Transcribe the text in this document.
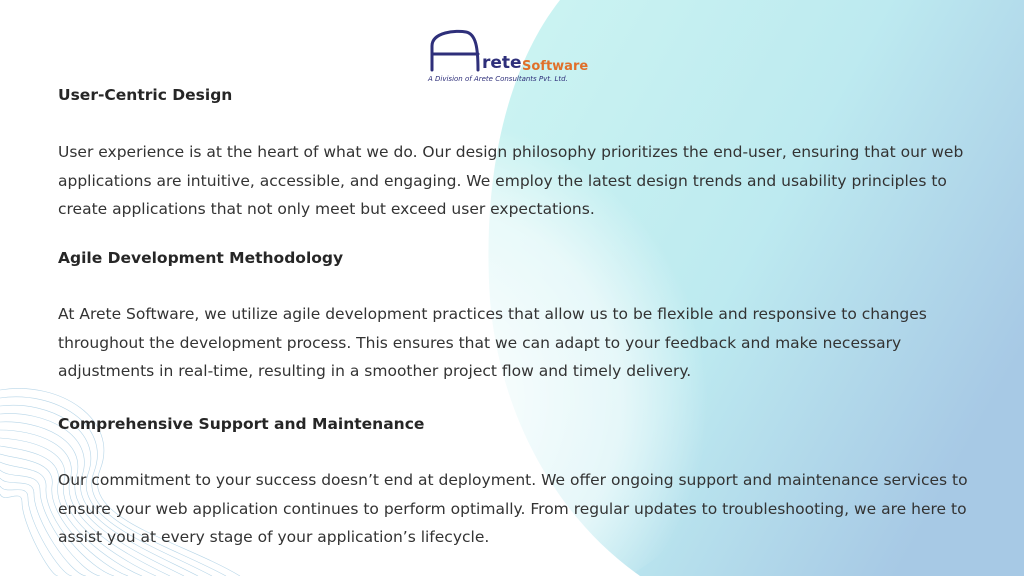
rete Software
A Division of Arete Consultants Pvt. Ltd.
User-Centric Design

User experience is at the heart of what we do. Our design philosophy prioritizes the end-user, ensuring that our web applications are intuitive, accessible, and engaging. We employ the latest design trends and usability principles to create applications that not only meet but exceed user expectations.

Agile Development Methodology

At Arete Software, we utilize agile development practices that allow us to be flexible and responsive to changes throughout the development process. This ensures that we can adapt to your feedback and make necessary adjustments in real-time, resulting in a smoother project flow and timely delivery.

Comprehensive Support and Maintenance

Our commitment to your success doesn’t end at deployment. We offer ongoing support and maintenance services to ensure your web application continues to perform optimally. From regular updates to troubleshooting, we are here to assist you at every stage of your application’s lifecycle.
